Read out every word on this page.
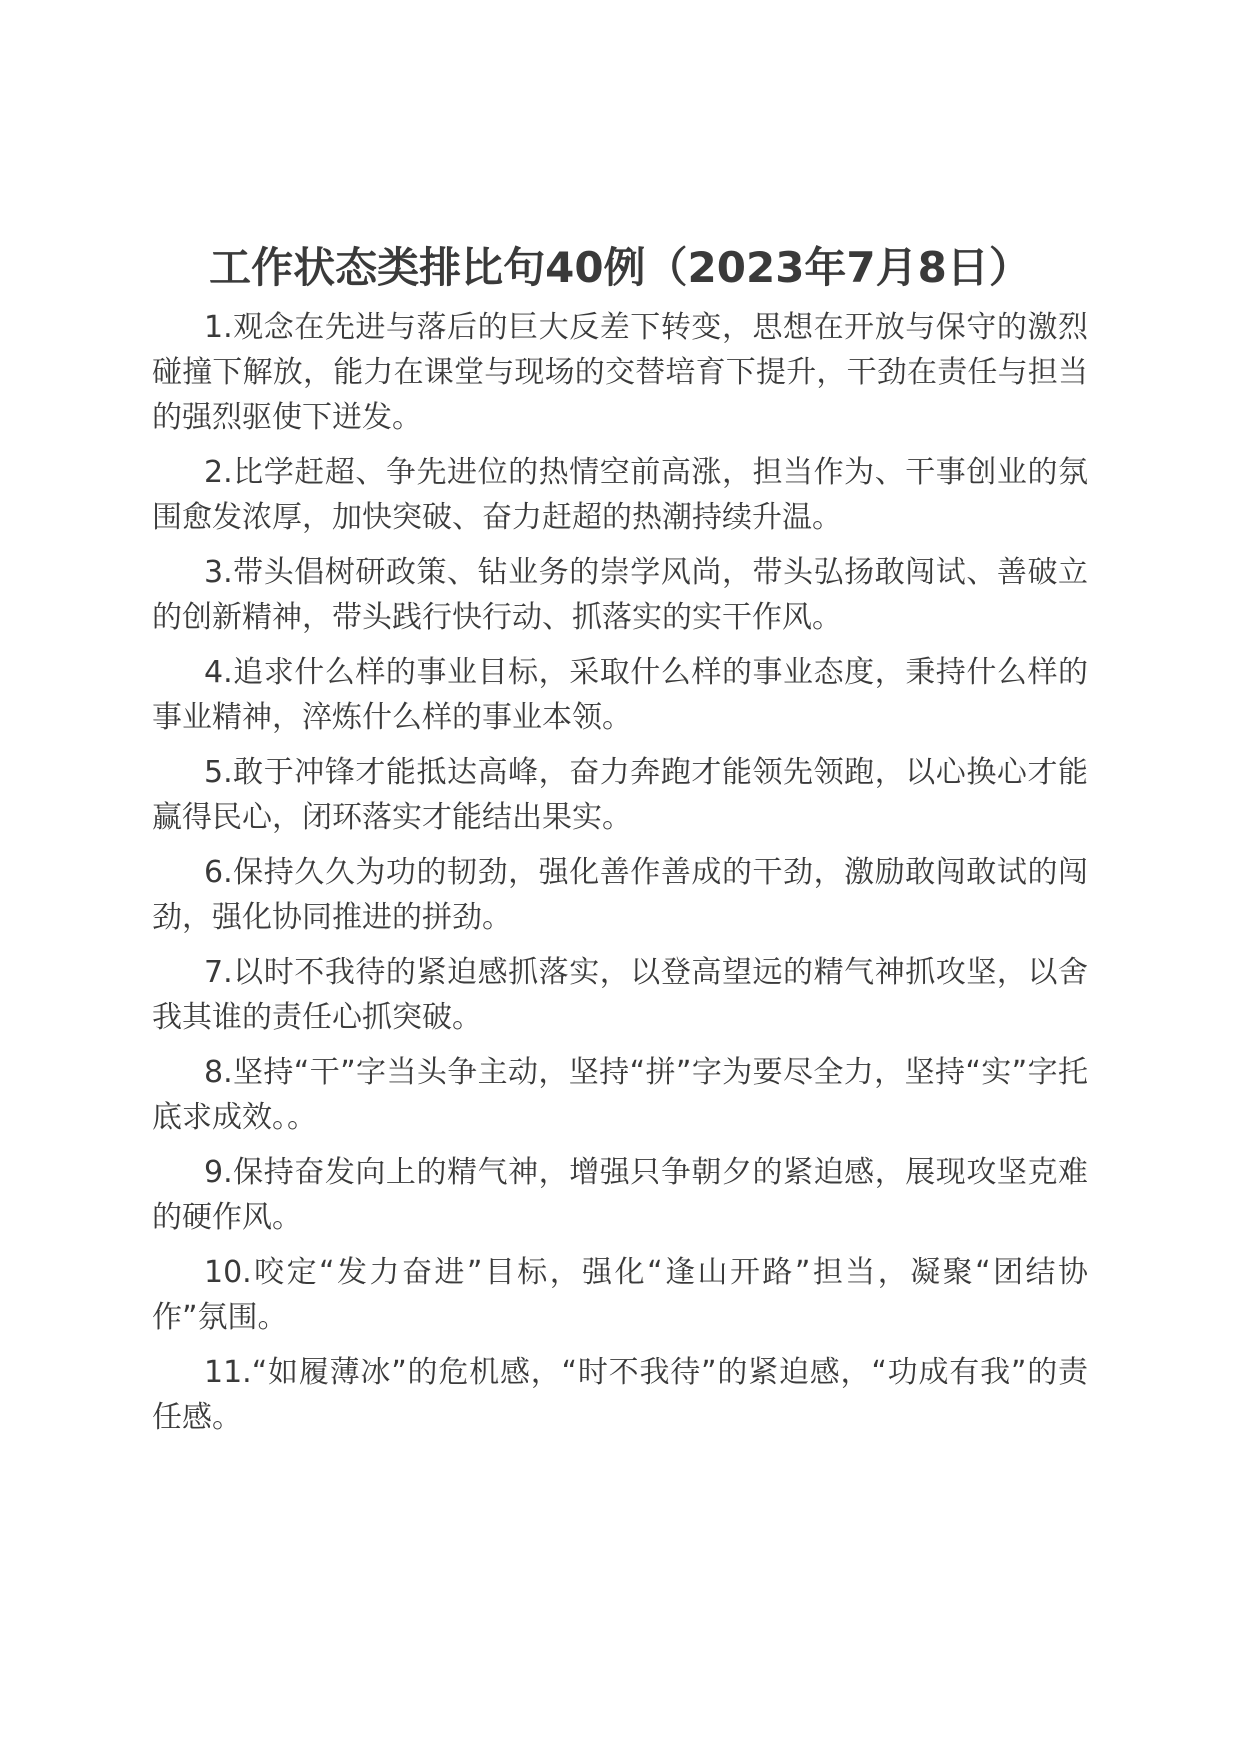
工作状态类排比句40例（2023年7月8日）

1.观念在先进与落后的巨大反差下转变，思想在开放与保守的激烈碰撞下解放，能力在课堂与现场的交替培育下提升，干劲在责任与担当的强烈驱使下迸发。

2.比学赶超、争先进位的热情空前高涨，担当作为、干事创业的氛围愈发浓厚，加快突破、奋力赶超的热潮持续升温。

3.带头倡树研政策、钻业务的崇学风尚，带头弘扬敢闯试、善破立的创新精神，带头践行快行动、抓落实的实干作风。

4.追求什么样的事业目标，采取什么样的事业态度，秉持什么样的事业精神，淬炼什么样的事业本领。

5.敢于冲锋才能抵达高峰，奋力奔跑才能领先领跑，以心换心才能赢得民心，闭环落实才能结出果实。

6.保持久久为功的韧劲，强化善作善成的干劲，激励敢闯敢试的闯劲，强化协同推进的拼劲。

7.以时不我待的紧迫感抓落实，以登高望远的精气神抓攻坚，以舍我其谁的责任心抓突破。

8.坚持“干”字当头争主动，坚持“拼”字为要尽全力，坚持“实”字托底求成效。。

9.保持奋发向上的精气神，增强只争朝夕的紧迫感，展现攻坚克难的硬作风。

10.咬定“发力奋进”目标，强化“逢山开路”担当，凝聚“团结协作”氛围。

11.“如履薄冰”的危机感，“时不我待”的紧迫感，“功成有我”的责任感。
